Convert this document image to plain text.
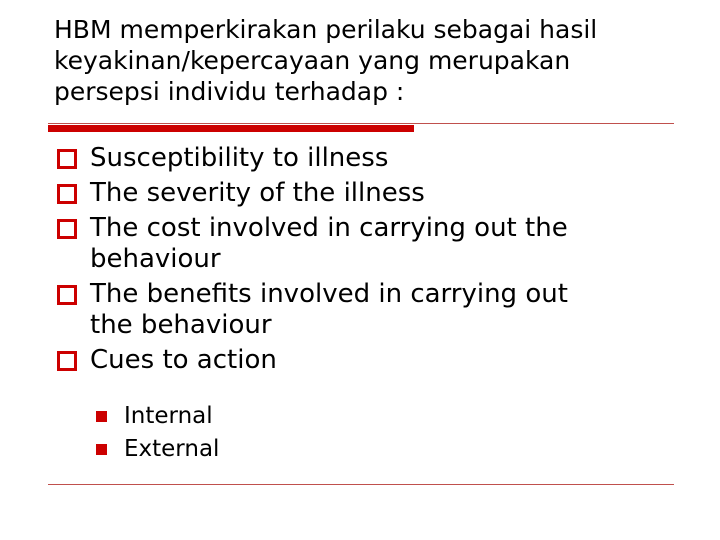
HBM memperkirakan perilaku sebagai hasil
keyakinan/kepercayaan yang merupakan
persepsi individu terhadap :
Susceptibility to illness
The severity of the illness
The cost involved in carrying out the
behaviour
The benefits involved in carrying out
the behaviour
Cues to action
Internal
External
